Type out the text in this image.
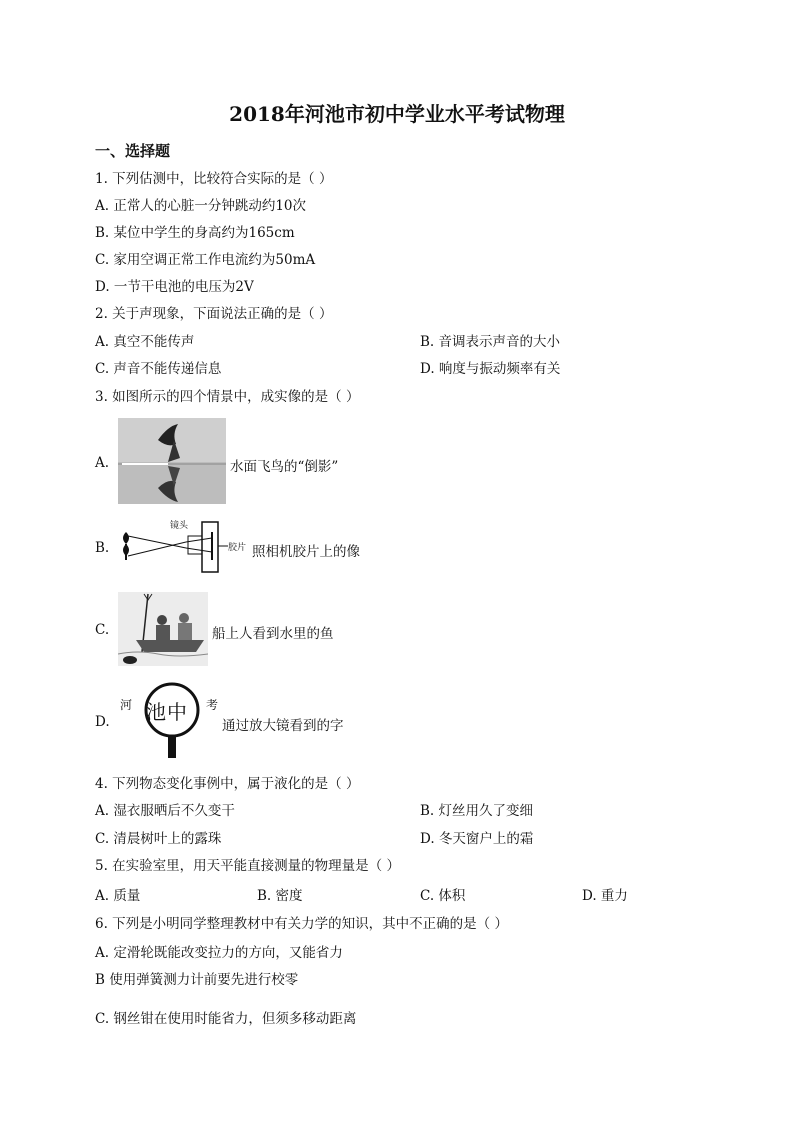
2018年河池市初中学业水平考试物理
一、选择题
1. 下列估测中，比较符合实际的是（ ）
A. 正常人的心脏一分钟跳动约10次
B. 某位中学生的身高约为165cm
C. 家用空调正常工作电流约为50mA
D. 一节干电池的电压为2V
2. 关于声现象，下面说法正确的是（ ）
A. 真空不能传声	B. 音调表示声音的大小
C. 声音不能传递信息	D. 响度与振动频率有关
3. 如图所示的四个情景中，成实像的是（ ）
A.	水面飞鸟的“倒影”
B.
镜头
胶片 照相机胶片上的像
C.	船上人看到水里的鱼
D.
河 池中 考
通过放大镜看到的字
4. 下列物态变化事例中，属于液化的是（ ）
A. 湿衣服晒后不久变干	B. 灯丝用久了变细
C. 清晨树叶上的露珠	D. 冬天窗户上的霜
5. 在实验室里，用天平能直接测量的物理量是（ ）
A. 质量	B. 密度	C. 体积	D. 重力
6. 下列是小明同学整理教材中有关力学的知识，其中不正确的是（ ）
A. 定滑轮既能改变拉力的方向，又能省力
B 使用弹簧测力计前要先进行校零
C. 钢丝钳在使用时能省力，但须多移动距离
